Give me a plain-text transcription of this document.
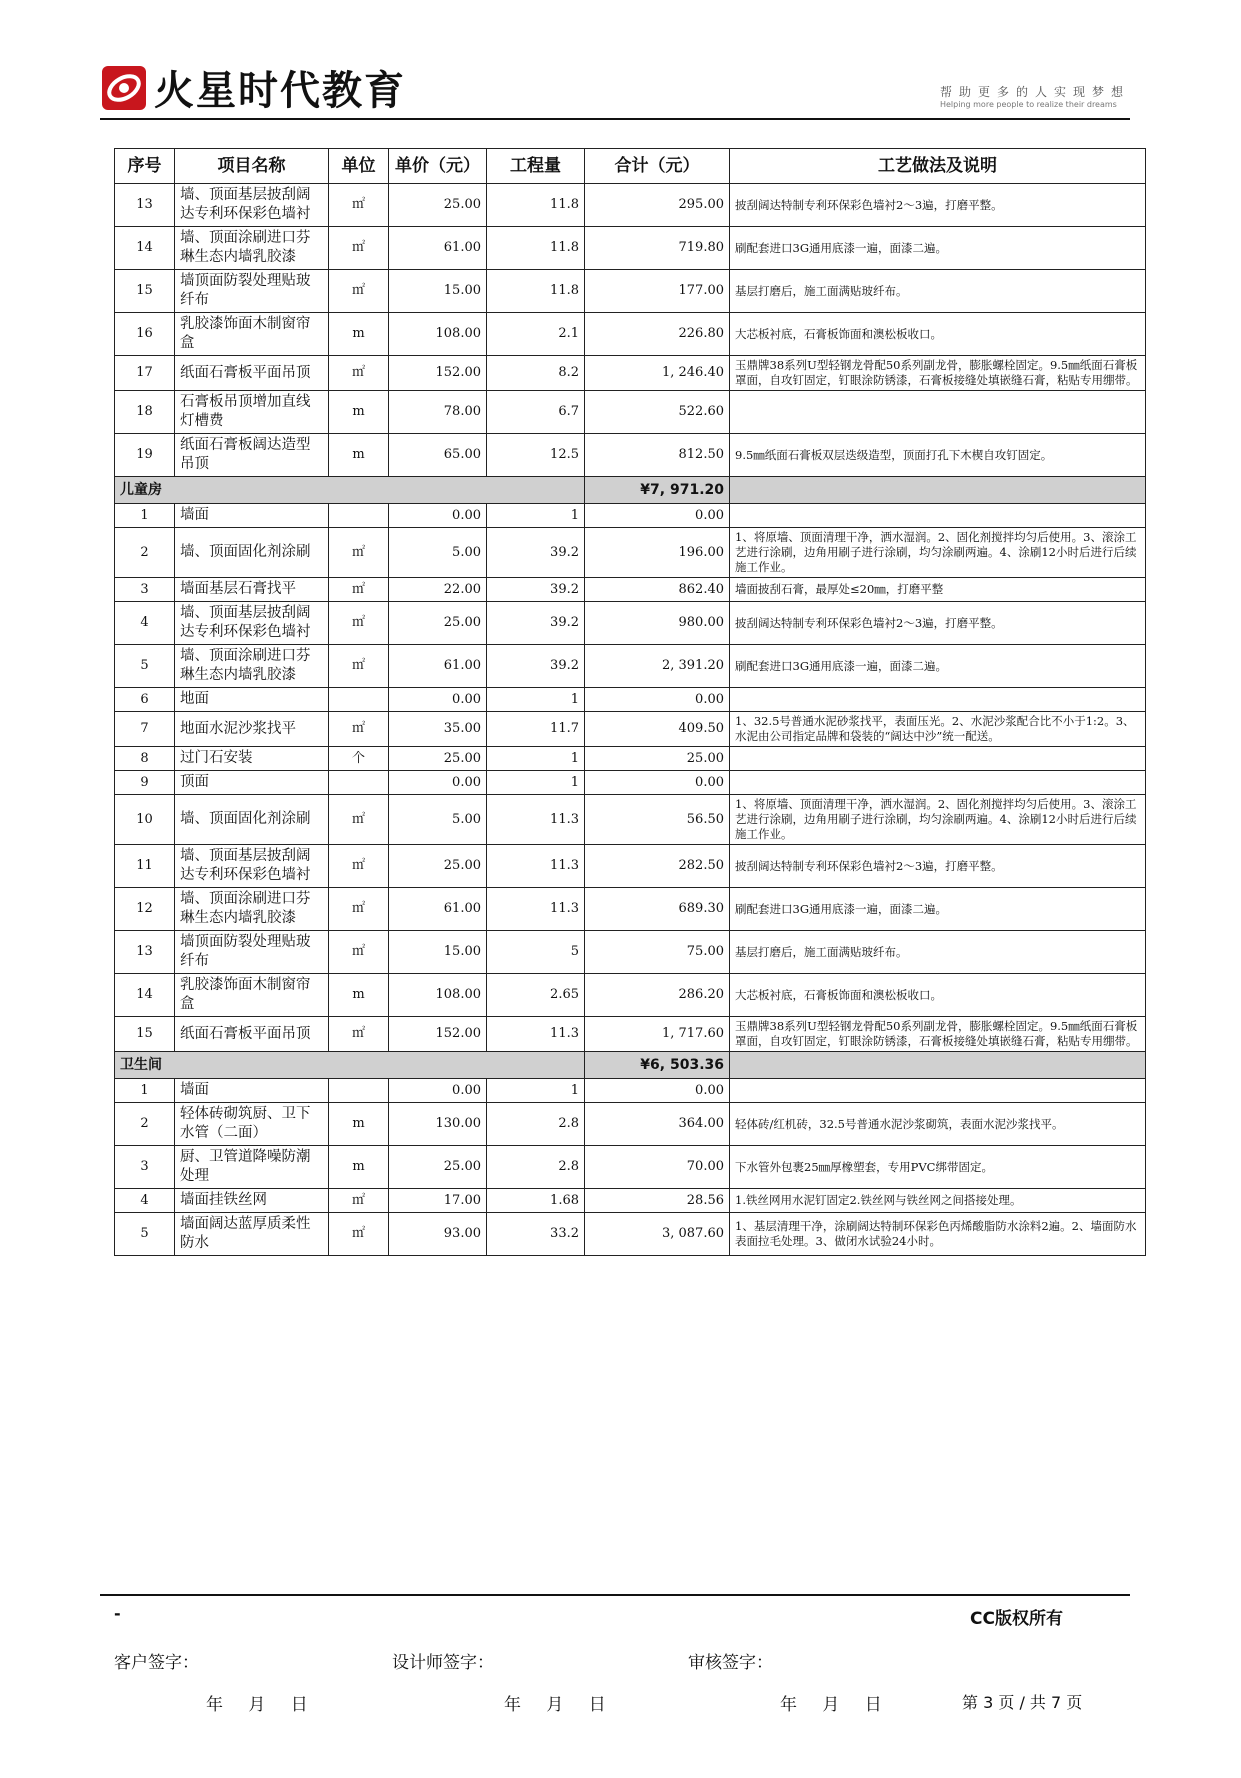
火星时代教育	帮助更多的人实现梦想
Helping more people to realize their dreams
序号	项目名称	单位	单价（元）	工程量	合计（元）	工艺做法及说明
13	墙、顶面基层披刮阔达专利环保彩色墙衬	㎡	25.00	11.8	295.00	披刮阔达特制专利环保彩色墙衬2～3遍，打磨平整。
14	墙、顶面涂刷进口芬琳生态内墙乳胶漆	㎡	61.00	11.8	719.80	刷配套进口3G通用底漆一遍，面漆二遍。
15	墙顶面防裂处理贴玻纤布	㎡	15.00	11.8	177.00	基层打磨后，施工面满贴玻纤布。
16	乳胶漆饰面木制窗帘盒	m	108.00	2.1	226.80	大芯板衬底，石膏板饰面和澳松板收口。
17	纸面石膏板平面吊顶	㎡	152.00	8.2	1, 246.40	玉鼎牌38系列U型轻钢龙骨配50系列副龙骨，膨胀螺栓固定。9.5㎜纸面石膏板罩面，自攻钉固定，钉眼涂防锈漆，石膏板接缝处填嵌缝石膏，粘贴专用绷带。
18	石膏板吊顶增加直线灯槽费	m	78.00	6.7	522.60	
19	纸面石膏板阔达造型吊顶	m	65.00	12.5	812.50	9.5㎜纸面石膏板双层迭级造型，顶面打孔下木楔自攻钉固定。
儿童房					¥7, 971.20	
1	墙面		0.00	1	0.00	
2	墙、顶面固化剂涂刷	㎡	5.00	39.2	196.00	1、将原墙、顶面清理干净，洒水湿润。2、固化剂搅拌均匀后使用。3、滚涂工艺进行涂刷，边角用刷子进行涂刷，均匀涂刷两遍。4、涂刷12小时后进行后续施工作业。
3	墙面基层石膏找平	㎡	22.00	39.2	862.40	墙面披刮石膏，最厚处≤20㎜，打磨平整
4	墙、顶面基层披刮阔达专利环保彩色墙衬	㎡	25.00	39.2	980.00	披刮阔达特制专利环保彩色墙衬2～3遍，打磨平整。
5	墙、顶面涂刷进口芬琳生态内墙乳胶漆	㎡	61.00	39.2	2, 391.20	刷配套进口3G通用底漆一遍，面漆二遍。
6	地面		0.00	1	0.00	
7	地面水泥沙浆找平	㎡	35.00	11.7	409.50	1、32.5号普通水泥砂浆找平，表面压光。2、水泥沙浆配合比不小于1:2。3、水泥由公司指定品牌和袋装的“阔达中沙”统一配送。
8	过门石安装	个	25.00	1	25.00	
9	顶面		0.00	1	0.00	
10	墙、顶面固化剂涂刷	㎡	5.00	11.3	56.50	1、将原墙、顶面清理干净，洒水湿润。2、固化剂搅拌均匀后使用。3、滚涂工艺进行涂刷，边角用刷子进行涂刷，均匀涂刷两遍。4、涂刷12小时后进行后续施工作业。
11	墙、顶面基层披刮阔达专利环保彩色墙衬	㎡	25.00	11.3	282.50	披刮阔达特制专利环保彩色墙衬2～3遍，打磨平整。
12	墙、顶面涂刷进口芬琳生态内墙乳胶漆	㎡	61.00	11.3	689.30	刷配套进口3G通用底漆一遍，面漆二遍。
13	墙顶面防裂处理贴玻纤布	㎡	15.00	5	75.00	基层打磨后，施工面满贴玻纤布。
14	乳胶漆饰面木制窗帘盒	m	108.00	2.65	286.20	大芯板衬底，石膏板饰面和澳松板收口。
15	纸面石膏板平面吊顶	㎡	152.00	11.3	1, 717.60	玉鼎牌38系列U型轻钢龙骨配50系列副龙骨，膨胀螺栓固定。9.5㎜纸面石膏板罩面，自攻钉固定，钉眼涂防锈漆，石膏板接缝处填嵌缝石膏，粘贴专用绷带。
卫生间					¥6, 503.36	
1	墙面		0.00	1	0.00	
2	轻体砖砌筑厨、卫下水管（二面）	m	130.00	2.8	364.00	轻体砖/红机砖，32.5号普通水泥沙浆砌筑，表面水泥沙浆找平。
3	厨、卫管道降噪防潮处理	m	25.00	2.8	70.00	下水管外包裹25㎜厚橡塑套，专用PVC绑带固定。
4	墙面挂铁丝网	㎡	17.00	1.68	28.56	1.铁丝网用水泥钉固定2.铁丝网与铁丝网之间搭接处理。
5	墙面阔达蓝厚质柔性防水	㎡	93.00	33.2	3, 087.60	1、基层清理干净，涂刷阔达特制环保彩色丙烯酸脂防水涂料2遍。2、墙面防水表面拉毛处理。3、做闭水试验24小时。
-	CC版权所有
客户签字：	设计师签字：	审核签字：
年 月 日	年 月 日	年 月 日	第 3 页 / 共 7 页
